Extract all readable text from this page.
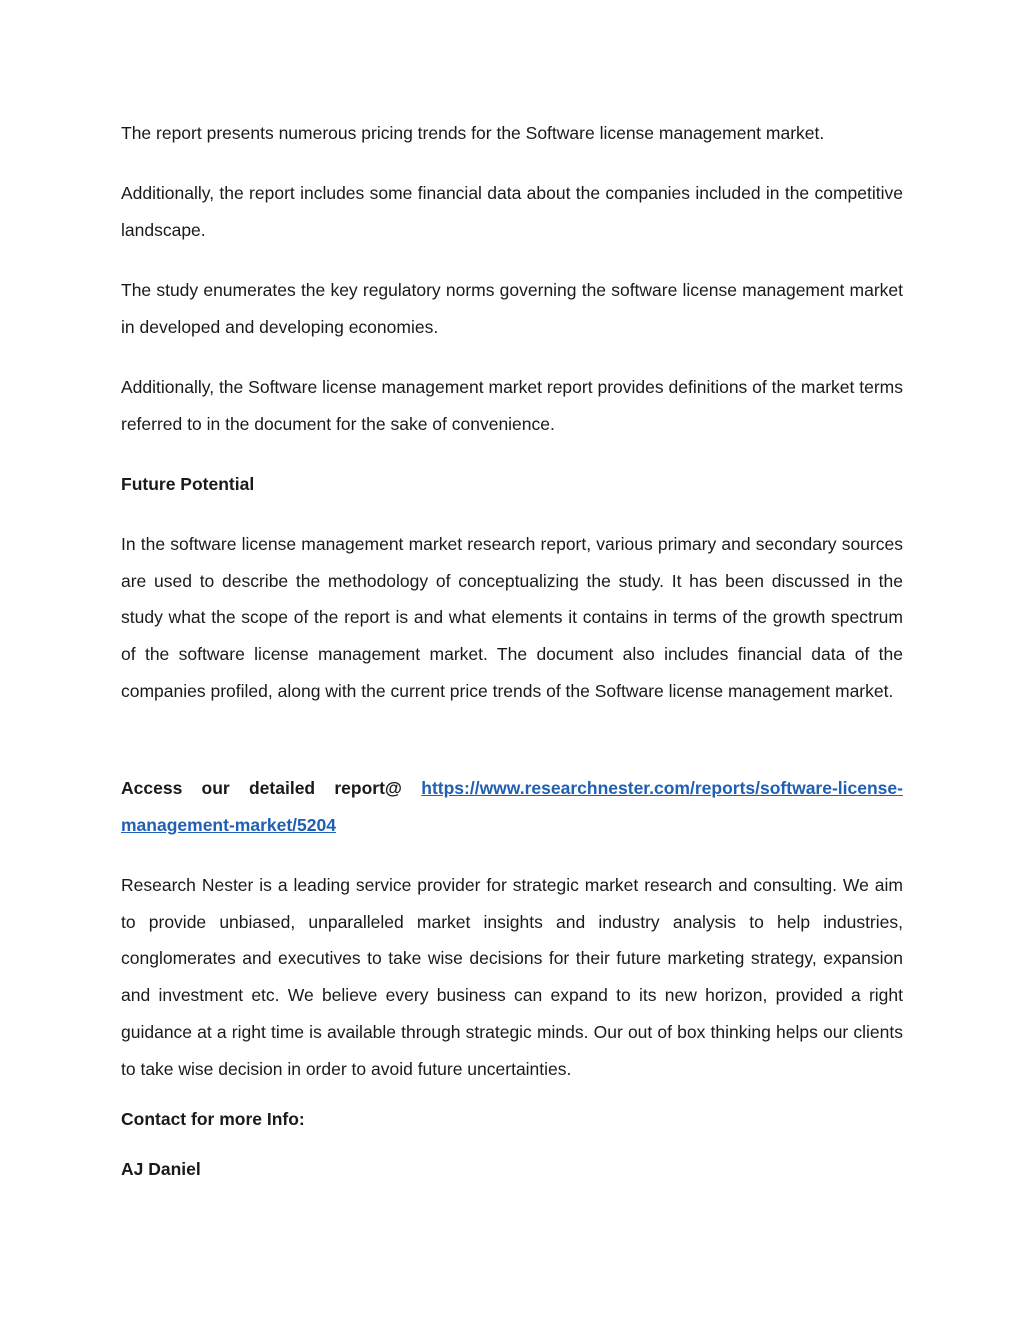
The report presents numerous pricing trends for the Software license management market.

Additionally, the report includes some financial data about the companies included in the competitive landscape.

The study enumerates the key regulatory norms governing the software license management market in developed and developing economies.

Additionally, the Software license management market report provides definitions of the market terms referred to in the document for the sake of convenience.

Future Potential

In the software license management market research report, various primary and secondary sources are used to describe the methodology of conceptualizing the study. It has been discussed in the study what the scope of the report is and what elements it contains in terms of the growth spectrum of the software license management market. The document also includes financial data of the companies profiled, along with the current price trends of the Software license management market.

Access our detailed report@ https://www.researchnester.com/reports/software-license-management-market/5204

Research Nester is a leading service provider for strategic market research and consulting. We aim to provide unbiased, unparalleled market insights and industry analysis to help industries, conglomerates and executives to take wise decisions for their future marketing strategy, expansion and investment etc. We believe every business can expand to its new horizon, provided a right guidance at a right time is available through strategic minds. Our out of box thinking helps our clients to take wise decision in order to avoid future uncertainties.

Contact for more Info:

AJ Daniel
